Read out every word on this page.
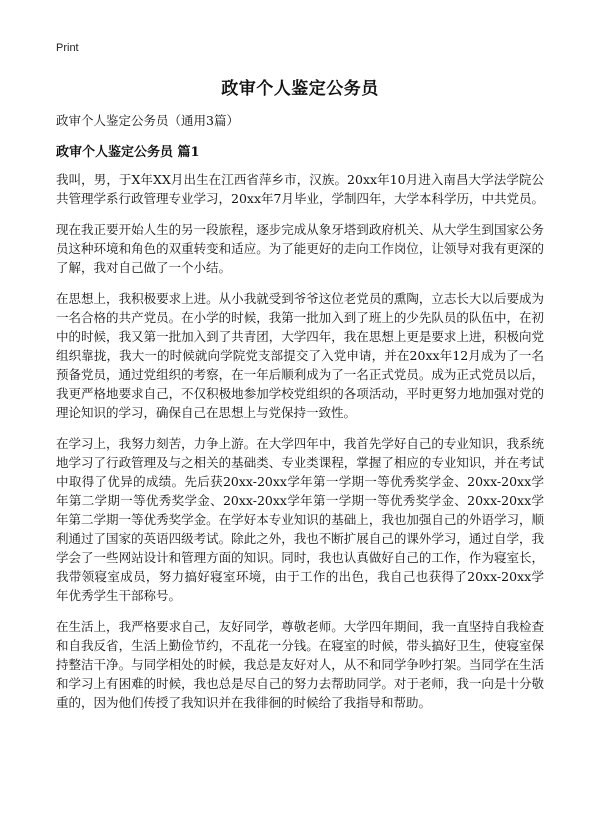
Print
政审个人鉴定公务员

政审个人鉴定公务员（通用3篇）

政审个人鉴定公务员 篇1

我叫，男，于X年XX月出生在江西省萍乡市，汉族。20xx年10月进入南昌大学法学院公共管理学系行政管理专业学习，20xx年7月毕业，学制四年，大学本科学历，中共党员。

现在我正要开始人生的另一段旅程，逐步完成从象牙塔到政府机关、从大学生到国家公务员这种环境和角色的双重转变和适应。为了能更好的走向工作岗位，让领导对我有更深的了解，我对自己做了一个小结。

在思想上，我积极要求上进。从小我就受到爷爷这位老党员的熏陶，立志长大以后要成为一名合格的共产党员。在小学的时候，我第一批加入到了班上的少先队员的队伍中，在初中的时候，我又第一批加入到了共青团，大学四年，我在思想上更是要求上进，积极向党组织靠拢，我大一的时候就向学院党支部提交了入党申请，并在20xx年12月成为了一名预备党员，通过党组织的考察，在一年后顺利成为了一名正式党员。成为正式党员以后，我更严格地要求自己，不仅积极地参加学校党组织的各项活动，平时更努力地加强对党的理论知识的学习，确保自己在思想上与党保持一致性。

在学习上，我努力刻苦，力争上游。在大学四年中，我首先学好自己的专业知识，我系统地学习了行政管理及与之相关的基础类、专业类课程，掌握了相应的专业知识，并在考试中取得了优异的成绩。先后获20xx-20xx学年第一学期一等优秀奖学金、20xx-20xx学年第二学期一等优秀奖学金、20xx-20xx学年第一学期一等优秀奖学金、20xx-20xx学年第二学期一等优秀奖学金。在学好本专业知识的基础上，我也加强自己的外语学习，顺利通过了国家的英语四级考试。除此之外，我也不断扩展自己的课外学习，通过自学，我学会了一些网站设计和管理方面的知识。同时，我也认真做好自己的工作，作为寝室长，我带领寝室成员，努力搞好寝室环境，由于工作的出色，我自己也获得了20xx-20xx学年优秀学生干部称号。

在生活上，我严格要求自己，友好同学，尊敬老师。大学四年期间，我一直坚持自我检查和自我反省，生活上勤俭节约，不乱花一分钱。在寝室的时候，带头搞好卫生，使寝室保持整洁干净。与同学相处的时候，我总是友好对人，从不和同学争吵打架。当同学在生活和学习上有困难的时候，我也总是尽自己的努力去帮助同学。对于老师，我一向是十分敬重的，因为他们传授了我知识并在我徘徊的时候给了我指导和帮助。
